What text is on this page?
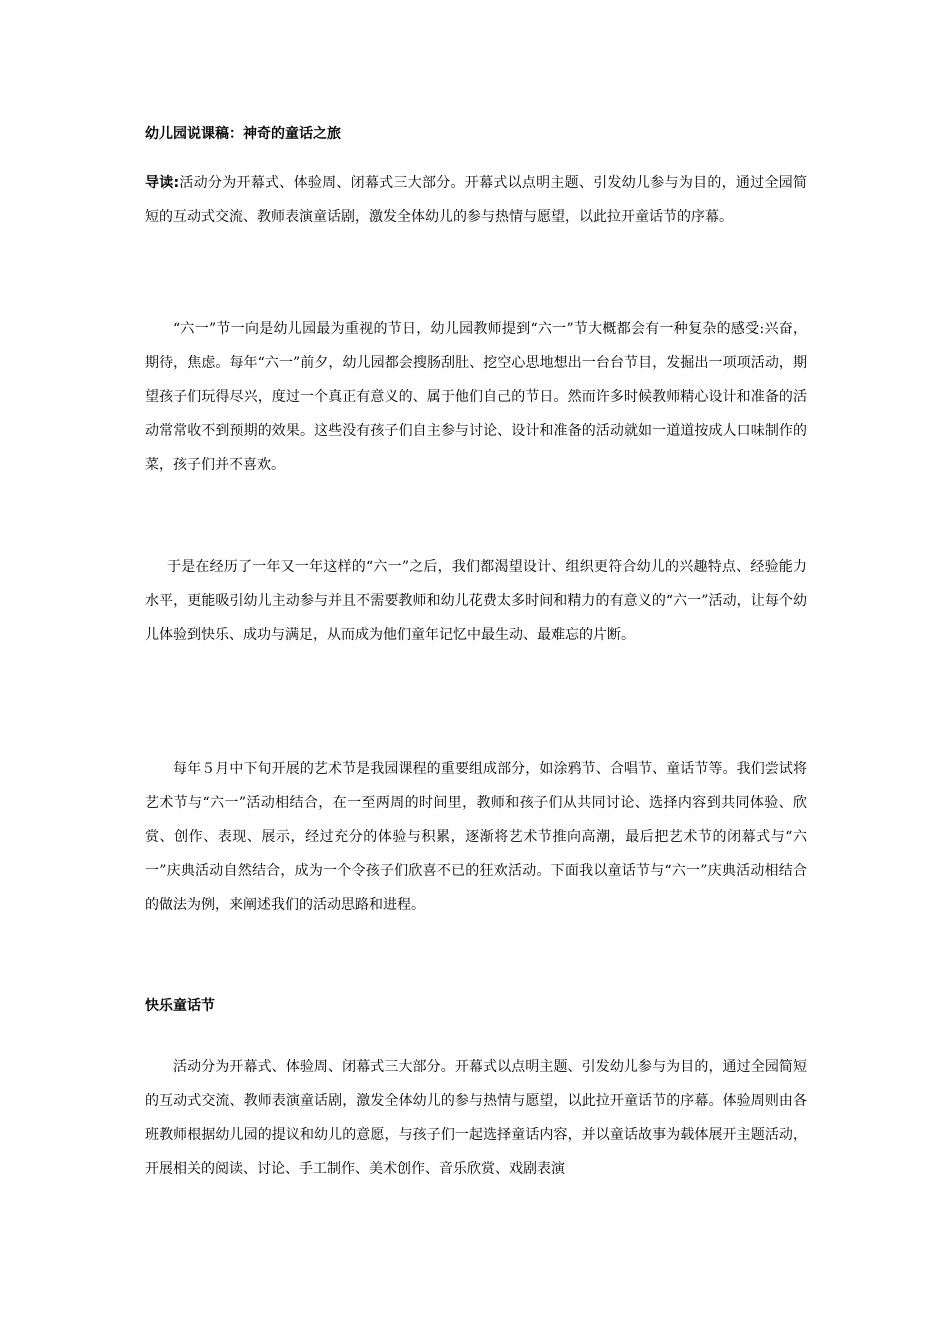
幼儿园说课稿：神奇的童话之旅

导读:活动分为开幕式、体验周、闭幕式三大部分。开幕式以点明主题、引发幼儿参与为目的，通过全园简短的互动式交流、教师表演童话剧，激发全体幼儿的参与热情与愿望，以此拉开童话节的序幕。

“六一”节一向是幼儿园最为重视的节日，幼儿园教师提到“六一”节大概都会有一种复杂的感受:兴奋，期待，焦虑。每年“六一”前夕，幼儿园都会搜肠刮肚、挖空心思地想出一台台节目，发掘出一项项活动，期望孩子们玩得尽兴，度过一个真正有意义的、属于他们自己的节日。然而许多时候教师精心设计和准备的活动常常收不到预期的效果。这些没有孩子们自主参与讨论、设计和准备的活动就如一道道按成人口味制作的菜，孩子们并不喜欢。

于是在经历了一年又一年这样的“六一”之后，我们都渴望设计、组织更符合幼儿的兴趣特点、经验能力水平，更能吸引幼儿主动参与并且不需要教师和幼儿花费太多时间和精力的有意义的“六一”活动，让每个幼儿体验到快乐、成功与满足，从而成为他们童年记忆中最生动、最难忘的片断。

每年５月中下旬开展的艺术节是我园课程的重要组成部分，如涂鸦节、合唱节、童话节等。我们尝试将艺术节与“六一”活动相结合，在一至两周的时间里，教师和孩子们从共同讨论、选择内容到共同体验、欣赏、创作、表现、展示，经过充分的体验与积累，逐渐将艺术节推向高潮，最后把艺术节的闭幕式与“六一”庆典活动自然结合，成为一个令孩子们欣喜不已的狂欢活动。下面我以童话节与“六一”庆典活动相结合的做法为例，来阐述我们的活动思路和进程。

快乐童话节

活动分为开幕式、体验周、闭幕式三大部分。开幕式以点明主题、引发幼儿参与为目的，通过全园简短的互动式交流、教师表演童话剧，激发全体幼儿的参与热情与愿望，以此拉开童话节的序幕。体验周则由各班教师根据幼儿园的提议和幼儿的意愿，与孩子们一起选择童话内容，并以童话故事为载体展开主题活动，开展相关的阅读、讨论、手工制作、美术创作、音乐欣赏、戏剧表演
